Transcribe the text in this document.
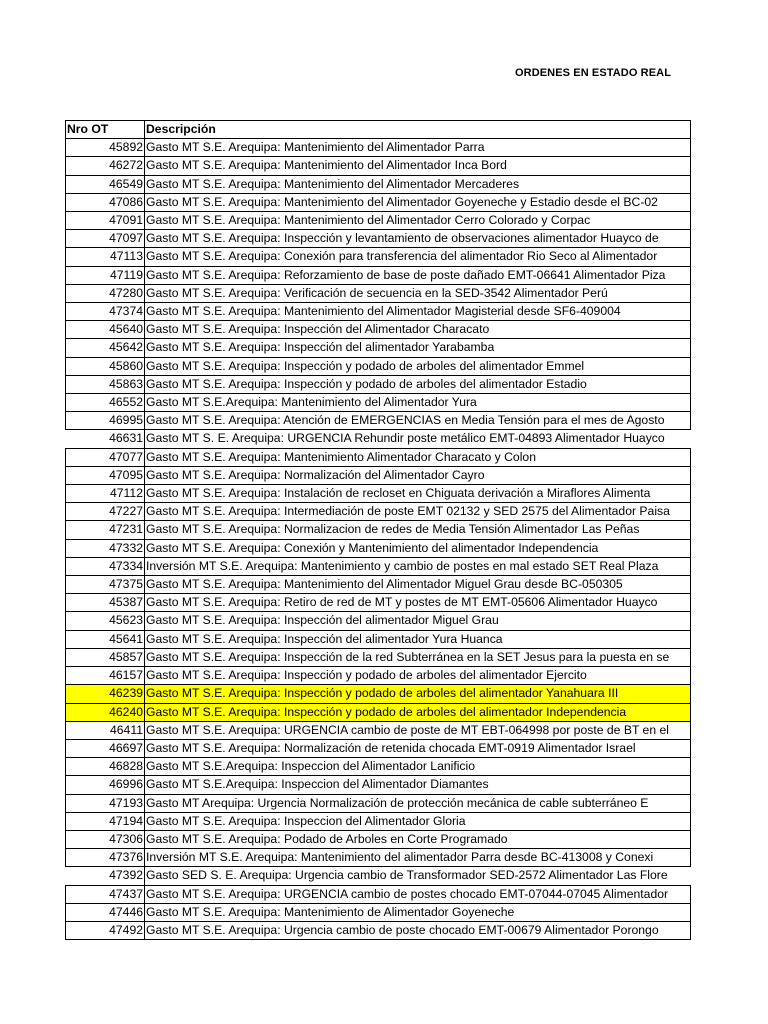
ORDENES EN ESTADO REAL
Nro OT	Descripción
45892	Gasto MT S.E. Arequipa: Mantenimiento del Alimentador Parra
46272	Gasto MT S.E. Arequipa: Mantenimiento del Alimentador Inca Bord
46549	Gasto MT S.E. Arequipa: Mantenimiento del Alimentador Mercaderes
47086	Gasto MT S.E. Arequipa: Mantenimiento del Alimentador Goyeneche y Estadio desde el BC-02
47091	Gasto MT S.E. Arequipa: Mantenimiento del Alimentador Cerro Colorado y Corpac
47097	Gasto MT S.E. Arequipa: Inspección y levantamiento de observaciones alimentador Huayco de
47113	Gasto MT S.E. Arequipa: Conexión para transferencia del alimentador Rio Seco al Alimentador
47119	Gasto MT S.E. Arequipa: Reforzamiento de base de poste dañado EMT-06641 Alimentador Piza
47280	Gasto MT S.E. Arequipa: Verificación de secuencia en la SED-3542 Alimentador Perú
47374	Gasto MT S.E. Arequipa: Mantenimiento del Alimentador Magisterial desde SF6-409004
45640	Gasto MT S.E. Arequipa: Inspección del Alimentador Characato
45642	Gasto MT S.E. Arequipa: Inspección del alimentador Yarabamba
45860	Gasto MT S.E. Arequipa: Inspección y podado de arboles del alimentador Emmel
45863	Gasto MT S.E. Arequipa: Inspección y podado de arboles del alimentador Estadio
46552	Gasto MT S.E.Arequipa: Mantenimiento del Alimentador Yura
46995	Gasto MT S.E. Arequipa: Atención de EMERGENCIAS en Media Tensión para el mes de Agosto
46631	Gasto MT S. E. Arequipa: URGENCIA Rehundir poste metálico EMT-04893 Alimentador Huayco
47077	Gasto MT S.E. Arequipa: Mantenimiento Alimentador Characato y Colon
47095	Gasto MT S.E. Arequipa: Normalización del Alimentador Cayro
47112	Gasto MT S.E. Arequipa: Instalación de recloset en Chiguata derivación a Miraflores Alimenta
47227	Gasto MT S.E. Arequipa: Intermediación de poste EMT 02132 y SED 2575 del Alimentador Paisa
47231	Gasto MT S.E. Arequipa: Normalizacion de redes de Media Tensión Alimentador Las Peñas
47332	Gasto MT S.E. Arequipa: Conexión y Mantenimiento del alimentador Independencia
47334	Inversión MT S.E. Arequipa: Mantenimiento y cambio de postes en mal estado SET Real Plaza
47375	Gasto MT S.E. Arequipa: Mantenimiento del Alimentador Miguel Grau desde BC-050305
45387	Gasto MT S.E. Arequipa: Retiro de red de MT y postes de MT EMT-05606 Alimentador Huayco
45623	Gasto MT S.E. Arequipa: Inspección del alimentador Miguel Grau
45641	Gasto MT S.E. Arequipa: Inspección del alimentador Yura Huanca
45857	Gasto MT S.E. Arequipa: Inspección de la red Subterránea en la SET Jesus para la puesta en se
46157	Gasto MT S.E. Arequipa: Inspección y podado de arboles del alimentador Ejercito
46239	Gasto MT S.E. Arequipa: Inspección y podado de arboles del alimentador Yanahuara III
46240	Gasto MT S.E. Arequipa: Inspección y podado de arboles del alimentador Independencia
46411	Gasto MT S.E. Arequipa: URGENCIA cambio de poste de MT EBT-064998 por poste de BT en el
46697	Gasto MT S.E. Arequipa: Normalización de retenida chocada EMT-0919 Alimentador Israel
46828	Gasto MT S.E.Arequipa: Inspeccion del Alimentador Lanificio
46996	Gasto MT S.E.Arequipa: Inspeccion del Alimentador Diamantes
47193	Gasto MT Arequipa: Urgencia Normalización de protección mecánica de cable subterráneo E
47194	Gasto MT S.E. Arequipa: Inspeccion del Alimentador Gloria
47306	Gasto MT S.E. Arequipa: Podado de Arboles en Corte Programado
47376	Inversión MT S.E. Arequipa: Mantenimiento del alimentador Parra desde BC-413008 y Conexi
47392	Gasto SED S. E. Arequipa: Urgencia cambio de Transformador SED-2572 Alimentador Las Flore
47437	Gasto MT S.E. Arequipa: URGENCIA cambio de postes chocado EMT-07044-07045 Alimentador
47446	Gasto MT S.E. Arequipa: Mantenimiento de Alimentador Goyeneche
47492	Gasto MT S.E. Arequipa: Urgencia cambio de poste chocado EMT-00679 Alimentador Porongo
